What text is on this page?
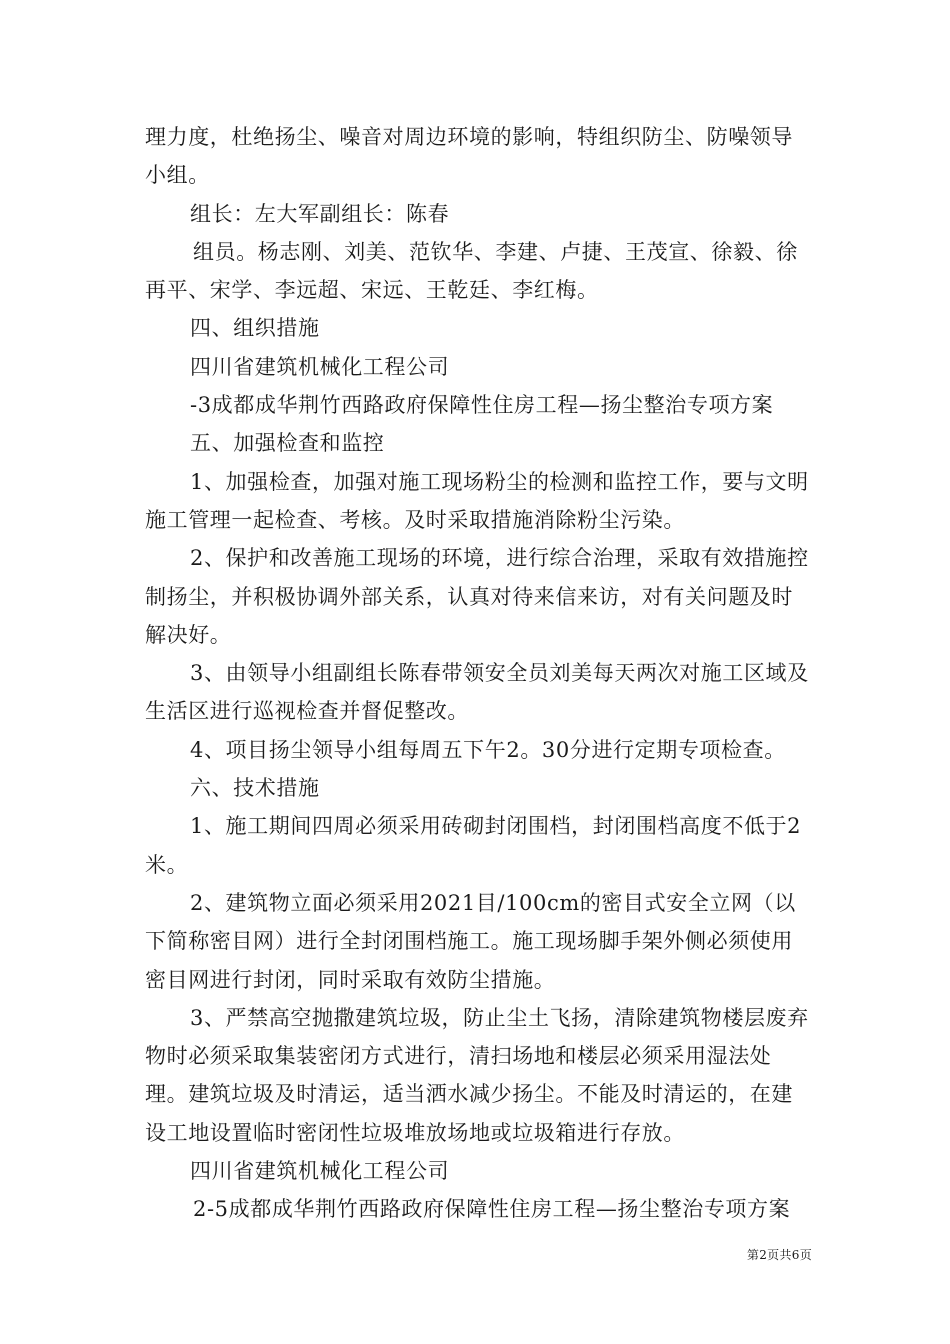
理力度，杜绝扬尘、噪音对周边环境的影响，特组织防尘、防噪领导小组。

组长：左大军副组长：陈春

组员。杨志刚、刘美、范钦华、李建、卢捷、王茂宣、徐毅、徐再平、宋学、李远超、宋远、王乾廷、李红梅。

四、组织措施

四川省建筑机械化工程公司

-3成都成华荆竹西路政府保障性住房工程—扬尘整治专项方案

五、加强检查和监控

1、加强检查，加强对施工现场粉尘的检测和监控工作，要与文明施工管理一起检查、考核。及时采取措施消除粉尘污染。

2、保护和改善施工现场的环境，进行综合治理，采取有效措施控制扬尘，并积极协调外部关系，认真对待来信来访，对有关问题及时解决好。

3、由领导小组副组长陈春带领安全员刘美每天两次对施工区域及生活区进行巡视检查并督促整改。

4、项目扬尘领导小组每周五下午2。30分进行定期专项检查。

六、技术措施

1、施工期间四周必须采用砖砌封闭围档，封闭围档高度不低于2米。

2、建筑物立面必须采用2021目/100cm的密目式安全立网（以下简称密目网）进行全封闭围档施工。施工现场脚手架外侧必须使用密目网进行封闭，同时采取有效防尘措施。

3、严禁高空抛撒建筑垃圾，防止尘土飞扬，清除建筑物楼层废弃物时必须采取集装密闭方式进行，清扫场地和楼层必须采用湿法处理。建筑垃圾及时清运，适当洒水减少扬尘。不能及时清运的，在建设工地设置临时密闭性垃圾堆放场地或垃圾箱进行存放。

四川省建筑机械化工程公司

2-5成都成华荆竹西路政府保障性住房工程—扬尘整治专项方案

第2页共6页
